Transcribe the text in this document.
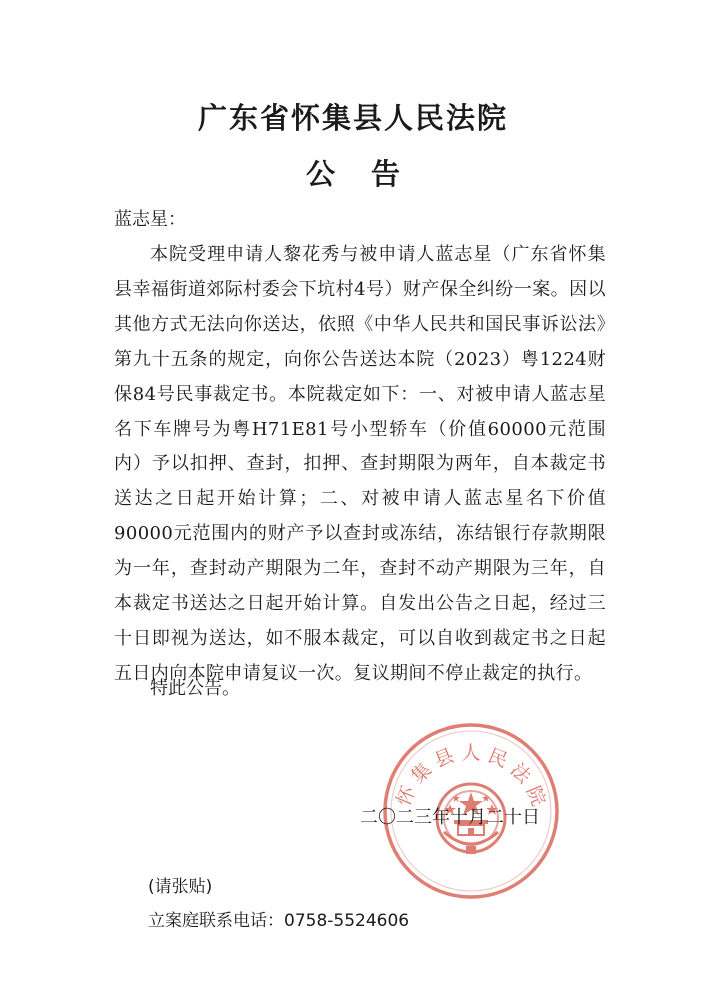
广东省怀集县人民法院
公告
蓝志星：
本院受理申请人黎花秀与被申请人蓝志星（广东省怀集县幸福街道郊际村委会下坑村4号）财产保全纠纷一案。因以其他方式无法向你送达，依照《中华人民共和国民事诉讼法》第九十五条的规定，向你公告送达本院（2023）粤1224财保84号民事裁定书。本院裁定如下：一、对被申请人蓝志星名下车牌号为粤H71E81号小型轿车（价值60000元范围内）予以扣押、查封，扣押、查封期限为两年，自本裁定书送达之日起开始计算；二、对被申请人蓝志星名下价值90000元范围内的财产予以查封或冻结，冻结银行存款期限为一年，查封动产期限为二年，查封不动产期限为三年，自本裁定书送达之日起开始计算。自发出公告之日起，经过三十日即视为送达，如不服本裁定，可以自收到裁定书之日起五日内向本院申请复议一次。复议期间不停止裁定的执行。
特此公告。
怀 集 县 人 民 法 院
二〇二三年十月二十日
(请张贴)
立案庭联系电话：0758-5524606
